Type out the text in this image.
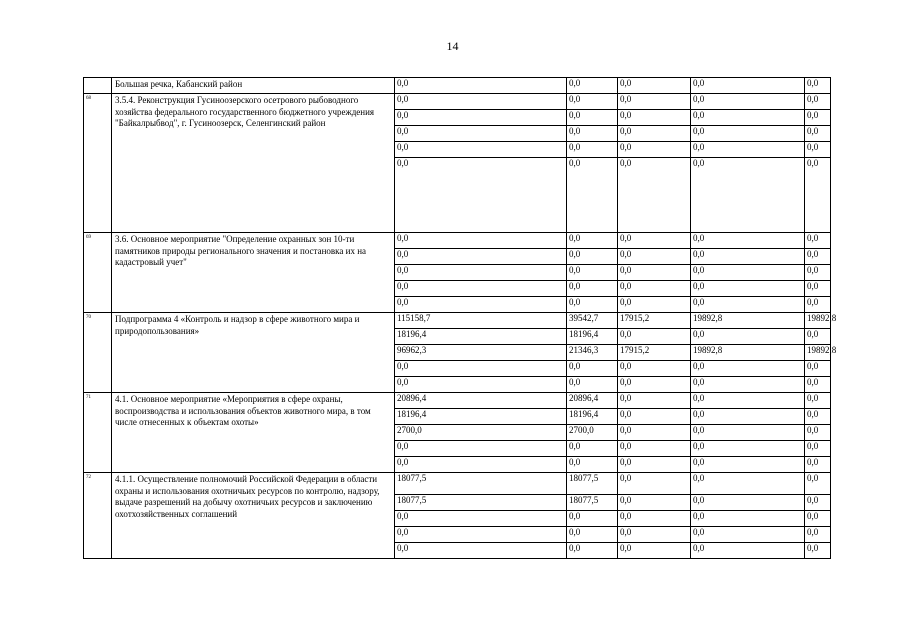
14
	Большая речка, Кабанский район	0,0	0,0	0,0	0,0	0,0
68	3.5.4. Реконструкция Гусиноозерского осетрового рыбоводного хозяйства федерального государственного бюджетного учреждения "Байкалрыбвод", г. Гусиноозерск, Селенгинский район	0,0	0,0	0,0	0,0	0,0
		0,0	0,0	0,0	0,0	0,0
		0,0	0,0	0,0	0,0	0,0
		0,0	0,0	0,0	0,0	0,0
		0,0	0,0	0,0	0,0	0,0
69	3.6. Основное мероприятие "Определение охранных зон 10-ти памятников природы регионального значения и постановка их на кадастровый учет"	0,0	0,0	0,0	0,0	0,0
		0,0	0,0	0,0	0,0	0,0
		0,0	0,0	0,0	0,0	0,0
		0,0	0,0	0,0	0,0	0,0
		0,0	0,0	0,0	0,0	0,0
70	Подпрограмма 4 «Контроль и надзор в сфере животного мира и природопользования»	115158,7	39542,7	17915,2	19892,8	19892,8
		18196,4	18196,4	0,0	0,0	0,0
		96962,3	21346,3	17915,2	19892,8	19892,8
		0,0	0,0	0,0	0,0	0,0
		0,0	0,0	0,0	0,0	0,0
71	4.1. Основное мероприятие «Мероприятия в сфере охраны, воспроизводства и использования объектов животного мира, в том числе отнесенных к объектам охоты»	20896,4	20896,4	0,0	0,0	0,0
		18196,4	18196,4	0,0	0,0	0,0
		2700,0	2700,0	0,0	0,0	0,0
		0,0	0,0	0,0	0,0	0,0
		0,0	0,0	0,0	0,0	0,0
72	4.1.1. Осуществление полномочий Российской Федерации в области охраны и использования охотничьих ресурсов по контролю, надзору, выдаче разрешений на добычу охотничьих ресурсов и заключению охотхозяйственных соглашений	18077,5	18077,5	0,0	0,0	0,0
		18077,5	18077,5	0,0	0,0	0,0
		0,0	0,0	0,0	0,0	0,0
		0,0	0,0	0,0	0,0	0,0
		0,0	0,0	0,0	0,0	0,0
